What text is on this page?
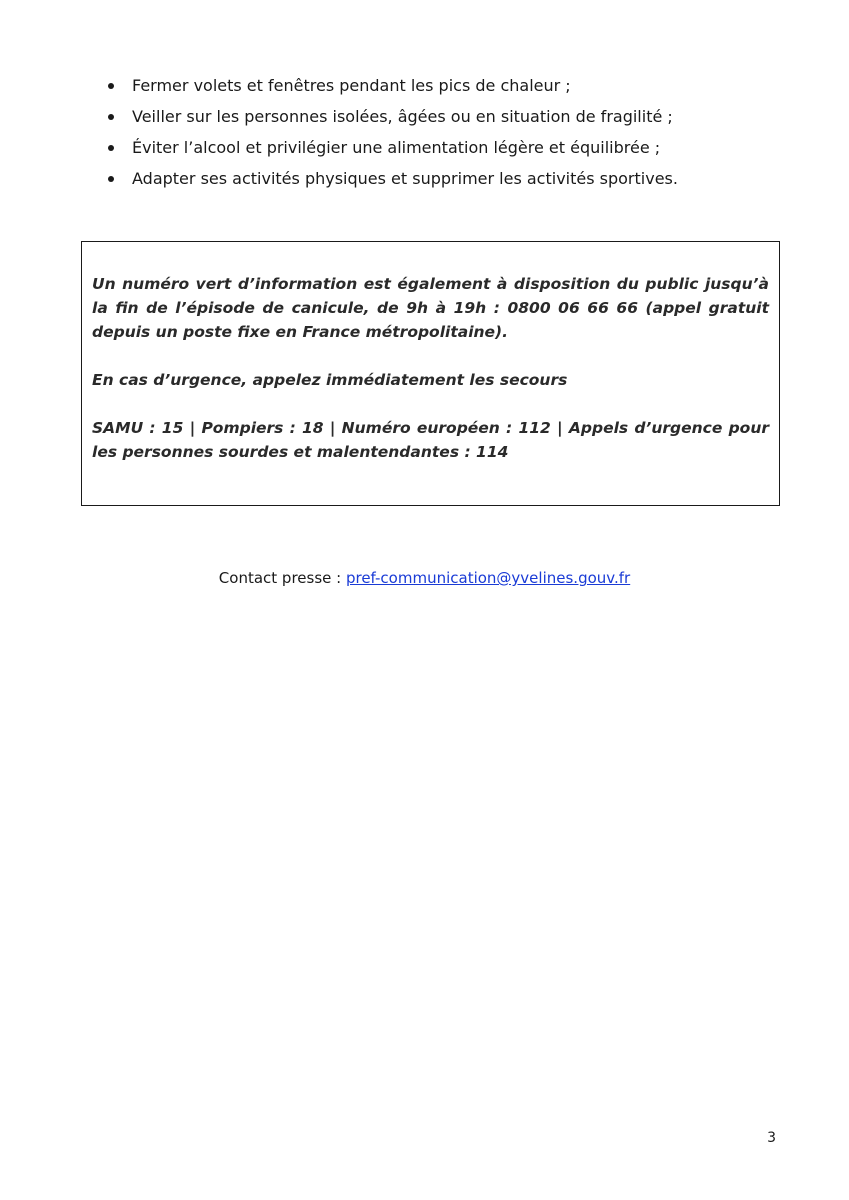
Fermer volets et fenêtres pendant les pics de chaleur ;
Veiller sur les personnes isolées, âgées ou en situation de fragilité ;
Éviter l’alcool et privilégier une alimentation légère et équilibrée ;
Adapter ses activités physiques et supprimer les activités sportives.

Un numéro vert d’information est également à disposition du public jusqu’à la fin de l’épisode de canicule, de 9h à 19h : 0800 06 66 66 (appel gratuit depuis un poste fixe en France métropolitaine).

En cas d’urgence, appelez immédiatement les secours

SAMU : 15 | Pompiers : 18 | Numéro européen : 112 | Appels d’urgence pour les personnes sourdes et malentendantes : 114

Contact presse : pref-communication@yvelines.gouv.fr
3
